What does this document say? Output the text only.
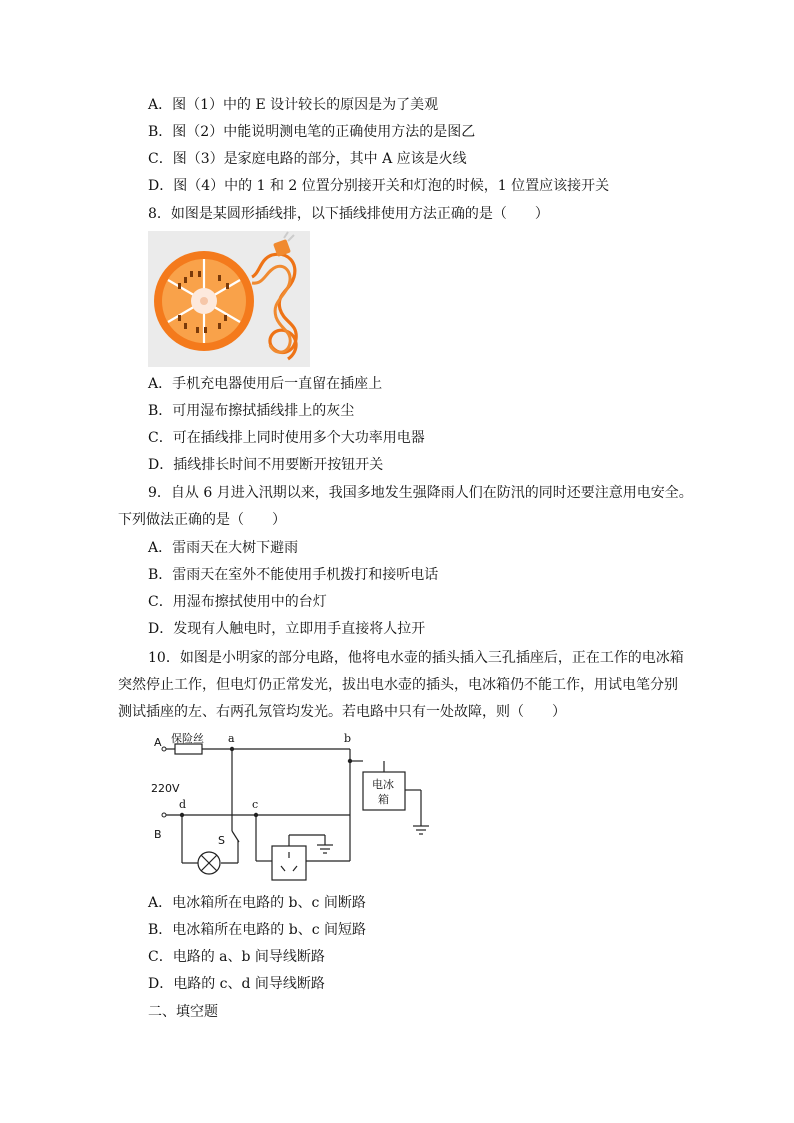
A．图（1）中的 E 设计较长的原因是为了美观
B．图（2）中能说明测电笔的正确使用方法的是图乙
C．图（3）是家庭电路的部分，其中 A 应该是火线
D．图（4）中的 1 和 2 位置分别接开关和灯泡的时候，1 位置应该接开关
8．如图是某圆形插线排，以下插线排使用方法正确的是（　　）
A．手机充电器使用后一直留在插座上
B．可用湿布擦拭插线排上的灰尘
C．可在插线排上同时使用多个大功率用电器
D．插线排长时间不用要断开按钮开关
9．自从 6 月进入汛期以来，我国多地发生强降雨人们在防汛的同时还要注意用电安全。
下列做法正确的是（　　）
A．雷雨天在大树下避雨
B．雷雨天在室外不能使用手机拨打和接听电话
C．用湿布擦拭使用中的台灯
D．发现有人触电时，立即用手直接将人拉开
10．如图是小明家的部分电路，他将电水壶的插头插入三孔插座后，正在工作的电冰箱
突然停止工作，但电灯仍正常发光，拔出电水壶的插头，电冰箱仍不能工作，用试电笔分别
测试插座的左、右两孔氖管均发光。若电路中只有一处故障，则（　　）
A
B
保险丝
220V
a	b
c
d
S
电冰
箱
A．电冰箱所在电路的 b、c 间断路
B．电冰箱所在电路的 b、c 间短路
C．电路的 a、b 间导线断路
D．电路的 c、d 间导线断路
二、填空题
